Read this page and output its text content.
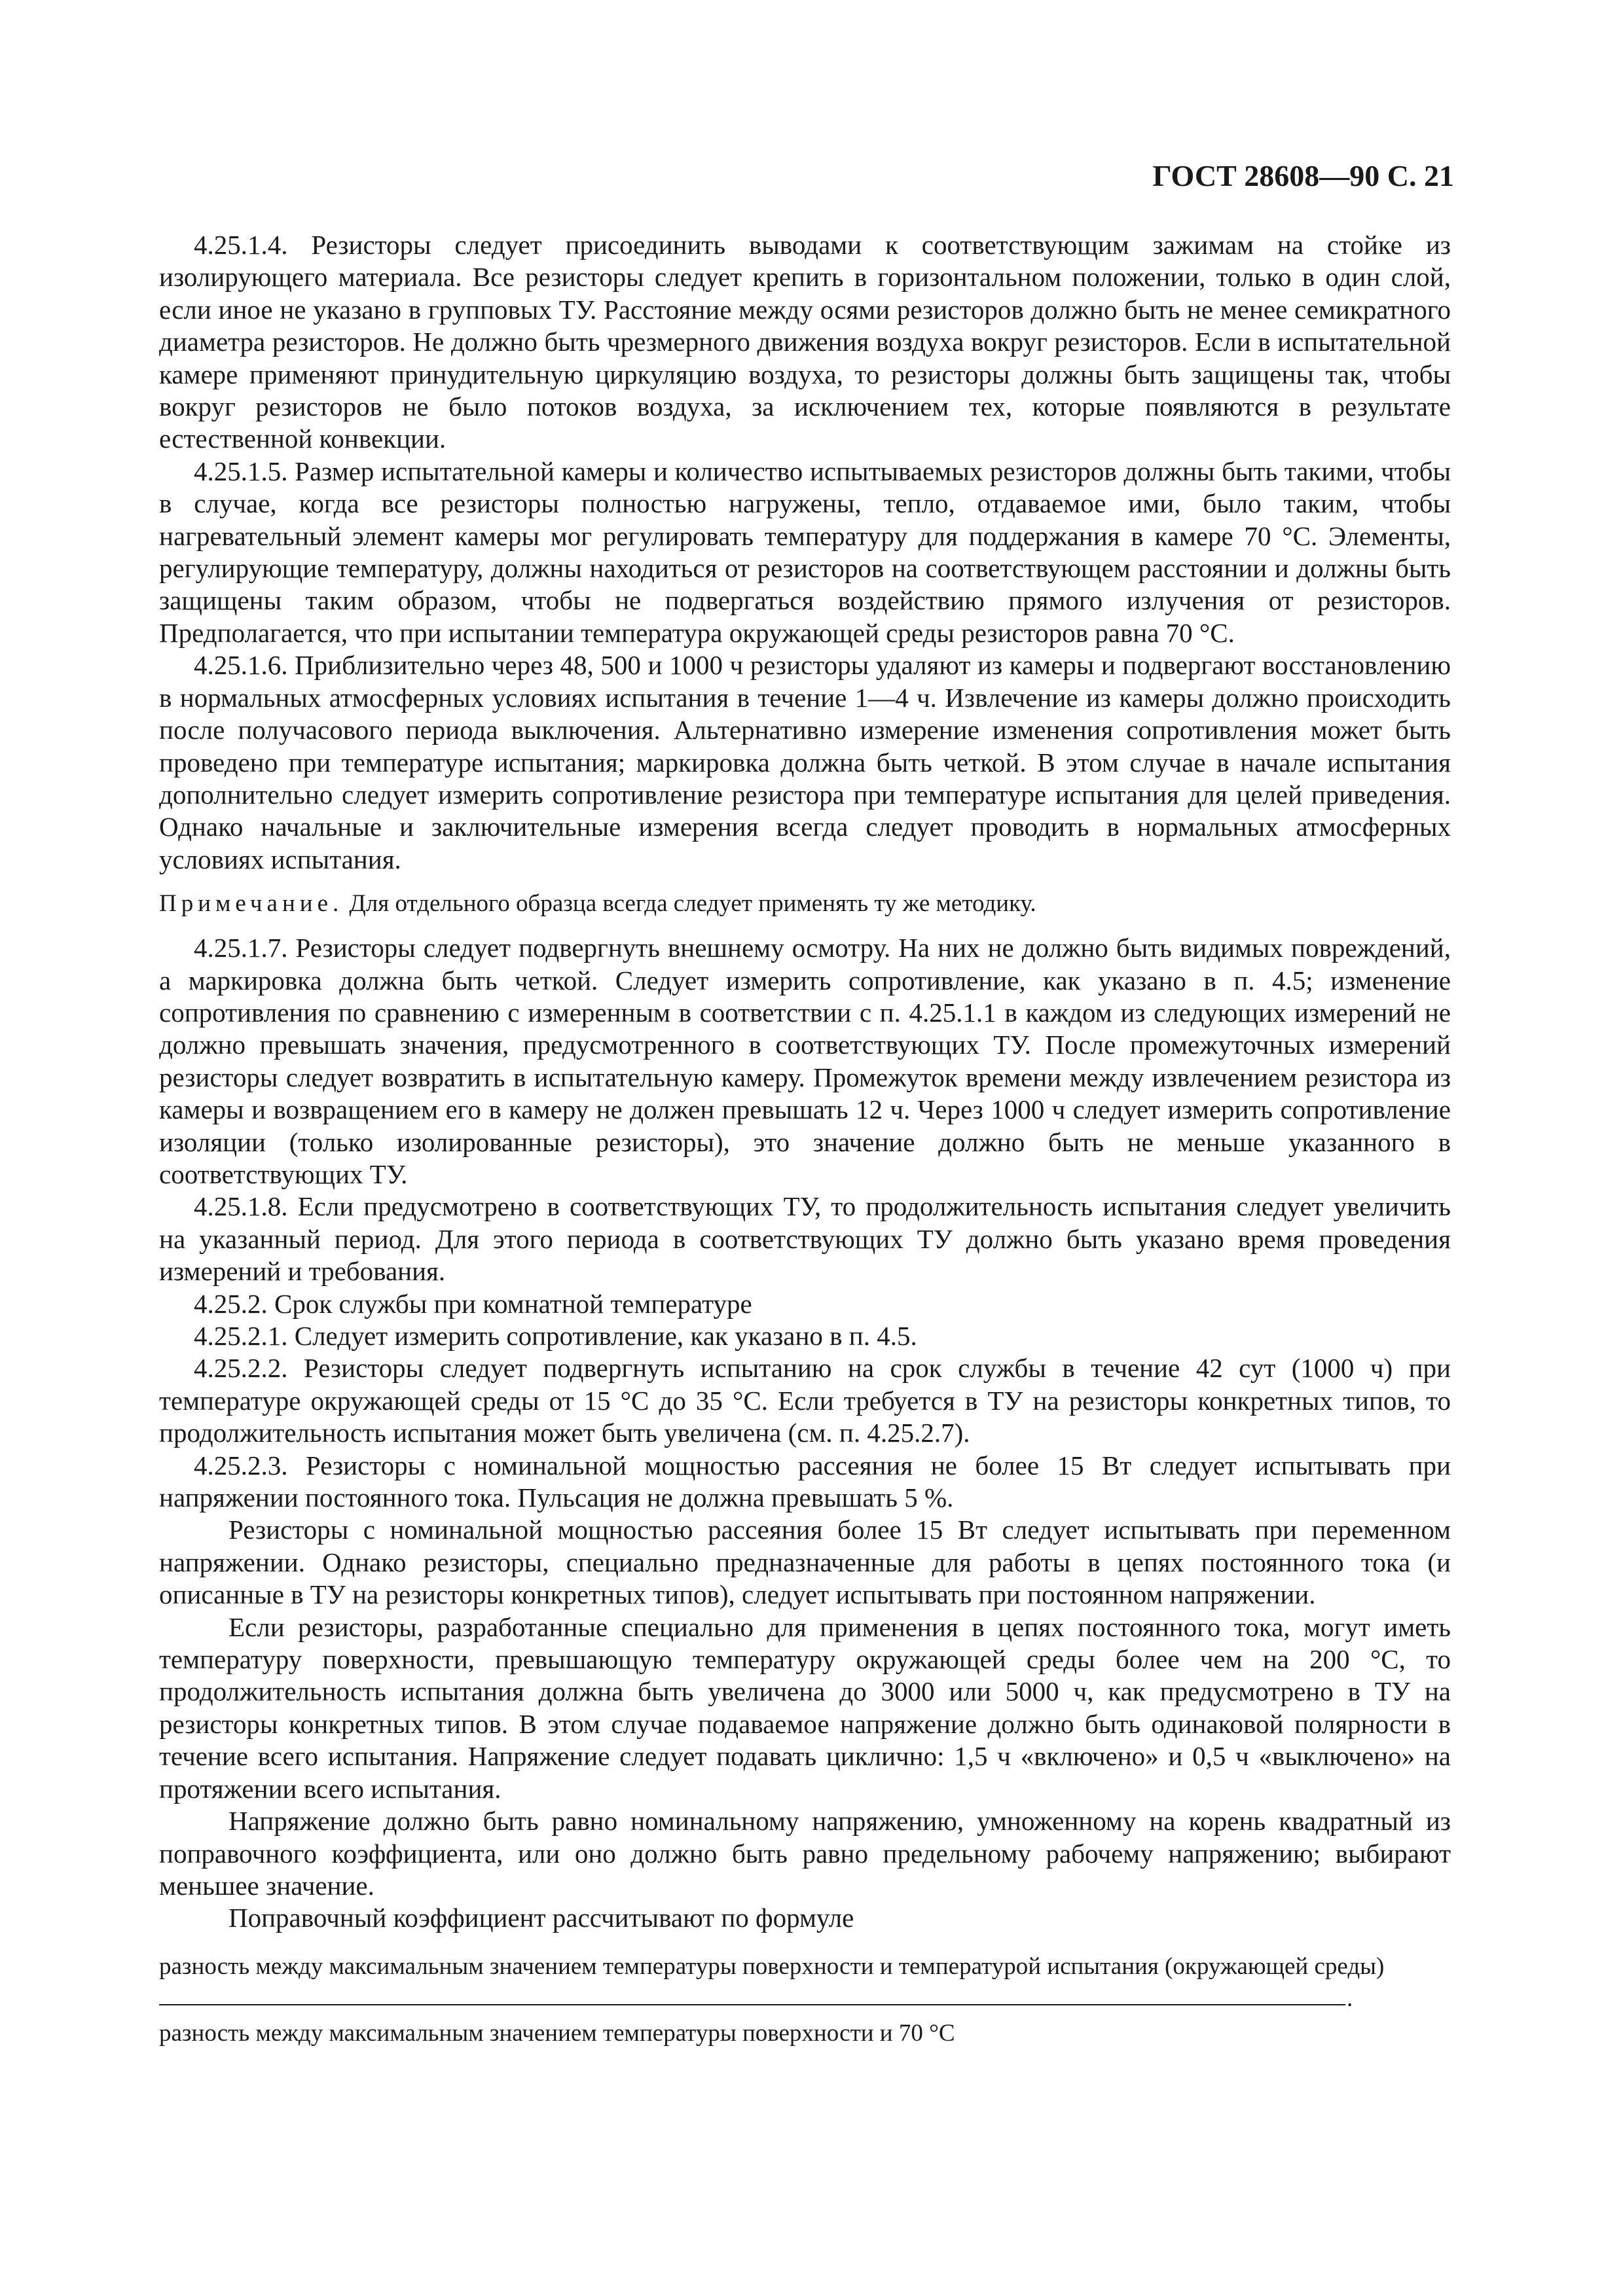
ГОСТ 28608—90 С. 21

4.25.1.4. Резисторы следует присоединить выводами к соответствующим зажимам на стойке из изолирующего материала. Все резисторы следует крепить в горизонтальном положении, только в один слой, если иное не указано в групповых ТУ. Расстояние между осями резисторов должно быть не менее семикратного диаметра резисторов. Не должно быть чрезмерного движения воздуха вокруг резисторов. Если в испытательной камере применяют принудительную циркуляцию воздуха, то резисторы должны быть защищены так, чтобы вокруг резисторов не было потоков воздуха, за исключением тех, которые появляются в результате естественной конвекции.

4.25.1.5. Размер испытательной камеры и количество испытываемых резисторов должны быть такими, чтобы в случае, когда все резисторы полностью нагружены, тепло, отдаваемое ими, было таким, чтобы нагревательный элемент камеры мог регулировать температуру для поддержания в камере 70 °С. Элементы, регулирующие температуру, должны находиться от резисторов на соответствующем расстоянии и должны быть защищены таким образом, чтобы не подвергаться воздействию прямого излучения от резисторов. Предполагается, что при испытании температура окружающей среды резисторов равна 70 °С.

4.25.1.6. Приблизительно через 48, 500 и 1000 ч резисторы удаляют из камеры и подвергают восстановлению в нормальных атмосферных условиях испытания в течение 1—4 ч. Извлечение из камеры должно происходить после получасового периода выключения. Альтернативно измерение изменения сопротивления может быть проведено при температуре испытания; маркировка должна быть четкой. В этом случае в начале испытания дополнительно следует измерить сопротивление резистора при температуре испытания для целей приведения. Однако начальные и заключительные измерения всегда следует проводить в нормальных атмосферных условиях испытания.

Примечание. Для отдельного образца всегда следует применять ту же методику.

4.25.1.7. Резисторы следует подвергнуть внешнему осмотру. На них не должно быть видимых повреждений, а маркировка должна быть четкой. Следует измерить сопротивление, как указано в п. 4.5; изменение сопротивления по сравнению с измеренным в соответствии с п. 4.25.1.1 в каждом из следующих измерений не должно превышать значения, предусмотренного в соответствующих ТУ. После промежуточных измерений резисторы следует возвратить в испытательную камеру. Промежуток времени между извлечением резистора из камеры и возвращением его в камеру не должен превышать 12 ч. Через 1000 ч следует измерить сопротивление изоляции (только изолированные резисторы), это значение должно быть не меньше указанного в соответствующих ТУ.

4.25.1.8. Если предусмотрено в соответствующих ТУ, то продолжительность испытания следует увеличить на указанный период. Для этого периода в соответствующих ТУ должно быть указано время проведения измерений и требования.

4.25.2. Срок службы при комнатной температуре

4.25.2.1. Следует измерить сопротивление, как указано в п. 4.5.

4.25.2.2. Резисторы следует подвергнуть испытанию на срок службы в течение 42 сут (1000 ч) при температуре окружающей среды от 15 °С до 35 °С. Если требуется в ТУ на резисторы конкретных типов, то продолжительность испытания может быть увеличена (см. п. 4.25.2.7).

4.25.2.3. Резисторы с номинальной мощностью рассеяния не более 15 Вт следует испытывать при напряжении постоянного тока. Пульсация не должна превышать 5 %.

Резисторы с номинальной мощностью рассеяния более 15 Вт следует испытывать при переменном напряжении. Однако резисторы, специально предназначенные для работы в цепях постоянного тока (и описанные в ТУ на резисторы конкретных типов), следует испытывать при постоянном напряжении.

Если резисторы, разработанные специально для применения в цепях постоянного тока, могут иметь температуру поверхности, превышающую температуру окружающей среды более чем на 200 °С, то продолжительность испытания должна быть увеличена до 3000 или 5000 ч, как предусмотрено в ТУ на резисторы конкретных типов. В этом случае подаваемое напряжение должно быть одинаковой полярности в течение всего испытания. Напряжение следует подавать циклично: 1,5 ч «включено» и 0,5 ч «выключено» на протяжении всего испытания.

Напряжение должно быть равно номинальному напряжению, умноженному на корень квадратный из поправочного коэффициента, или оно должно быть равно предельному рабочему напряжению; выбирают меньшее значение.

Поправочный коэффициент рассчитывают по формуле

разность между максимальным значением температуры поверхности и температурой испытания (окружающей среды)

.

разность между максимальным значением температуры поверхности и 70 °С
